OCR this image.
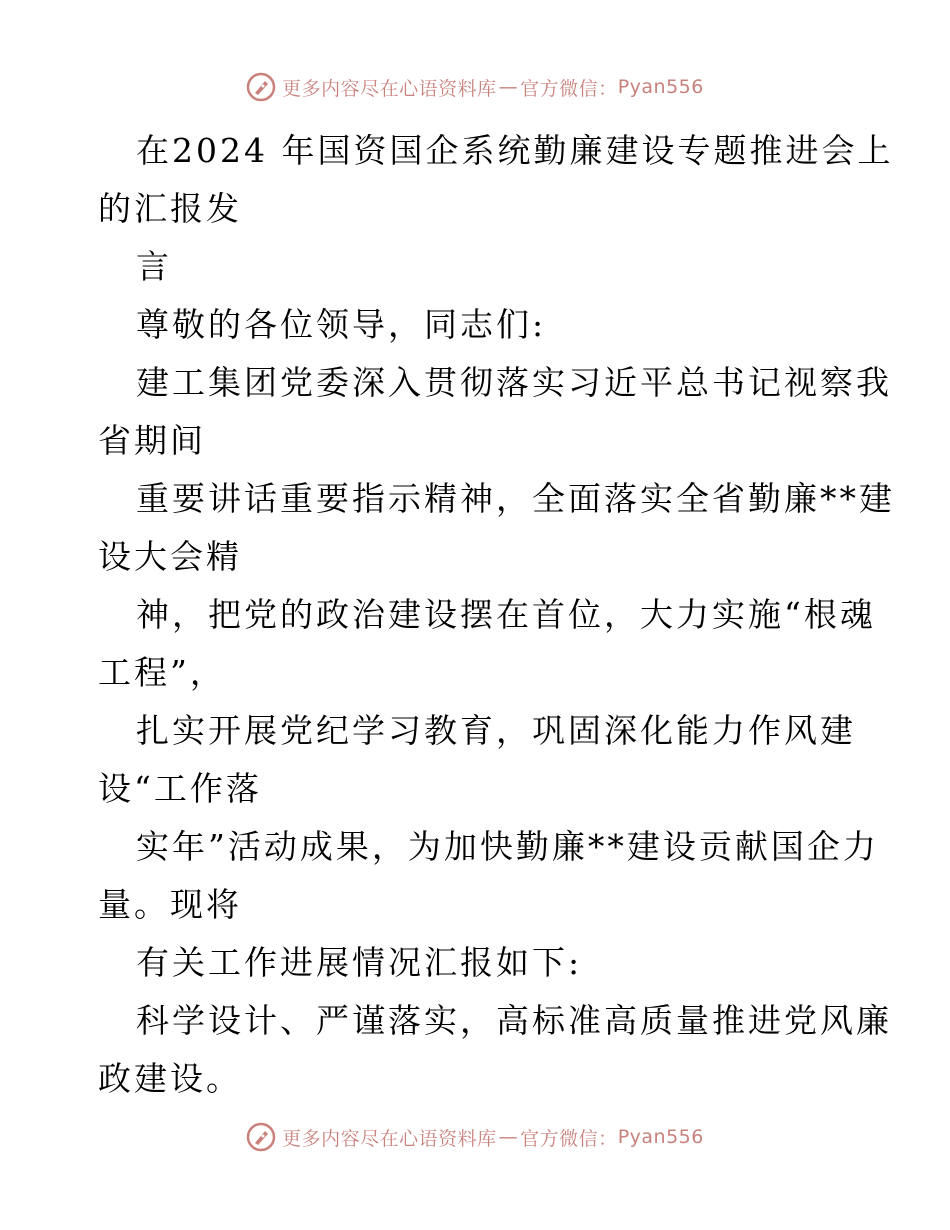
更多内容尽在心语资料库 — 官方微信： Pyan556

在2024 年国资国企系统勤廉建设专题推进会上

的汇报发

言

尊敬的各位领导，同志们:

建工集团党委深入贯彻落实习近平总书记视察我

省期间

重要讲话重要指示精神，全面落实全省勤廉**建

设大会精

神，把党的政治建设摆在首位，大力实施“根魂

工程”，

扎实开展党纪学习教育，巩固深化能力作风建

设“工作落

实年”活动成果，为加快勤廉**建设贡献国企力

量。现将

有关工作进展情况汇报如下:

科学设计、严谨落实，高标准高质量推进党风廉

政建设。

更多内容尽在心语资料库 — 官方微信： Pyan556
